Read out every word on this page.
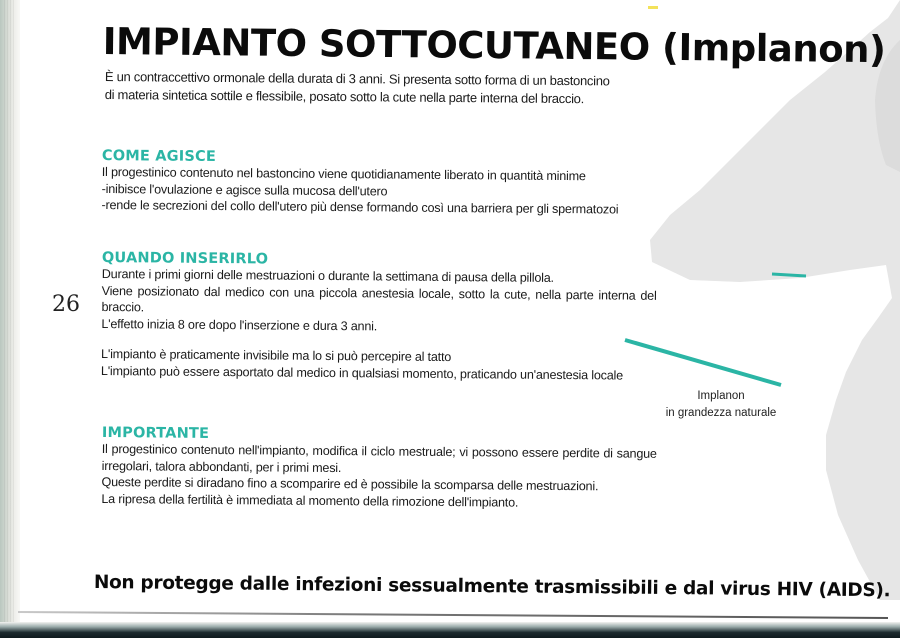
IMPIANTO SOTTOCUTANEO (Implanon)
È un contraccettivo ormonale della durata di 3 anni. Si presenta sotto forma di un bastoncino
di materia sintetica sottile e flessibile, posato sotto la cute nella parte interna del braccio.
COME AGISCE

Il progestinico contenuto nel bastoncino viene quotidianamente liberato in quantità minime

-inibisce l'ovulazione e agisce sulla mucosa dell'utero

-rende le secrezioni del collo dell'utero più dense formando così una barriera per gli spermatozoi

QUANDO INSERIRLO

Durante i primi giorni delle mestruazioni o durante la settimana di pausa della pillola.

Viene posizionato dal medico con una piccola anestesia locale, sotto la cute, nella parte interna del braccio.

L'effetto inizia 8 ore dopo l'inserzione e dura 3 anni.

L'impianto è praticamente invisibile ma lo si può percepire al tatto

L'impianto può essere asportato dal medico in qualsiasi momento, praticando un'anestesia locale

IMPORTANTE

Il progestinico contenuto nell'impianto, modifica il ciclo mestruale; vi possono essere perdite di sangue irregolari, talora abbondanti, per i primi mesi.

Queste perdite si diradano fino a scomparire ed è possibile la scomparsa delle mestruazioni.

La ripresa della fertilità è immediata al momento della rimozione dell'impianto.

26
Implanon
in grandezza naturale
Non protegge dalle infezioni sessualmente trasmissibili e dal virus HIV (AIDS).
